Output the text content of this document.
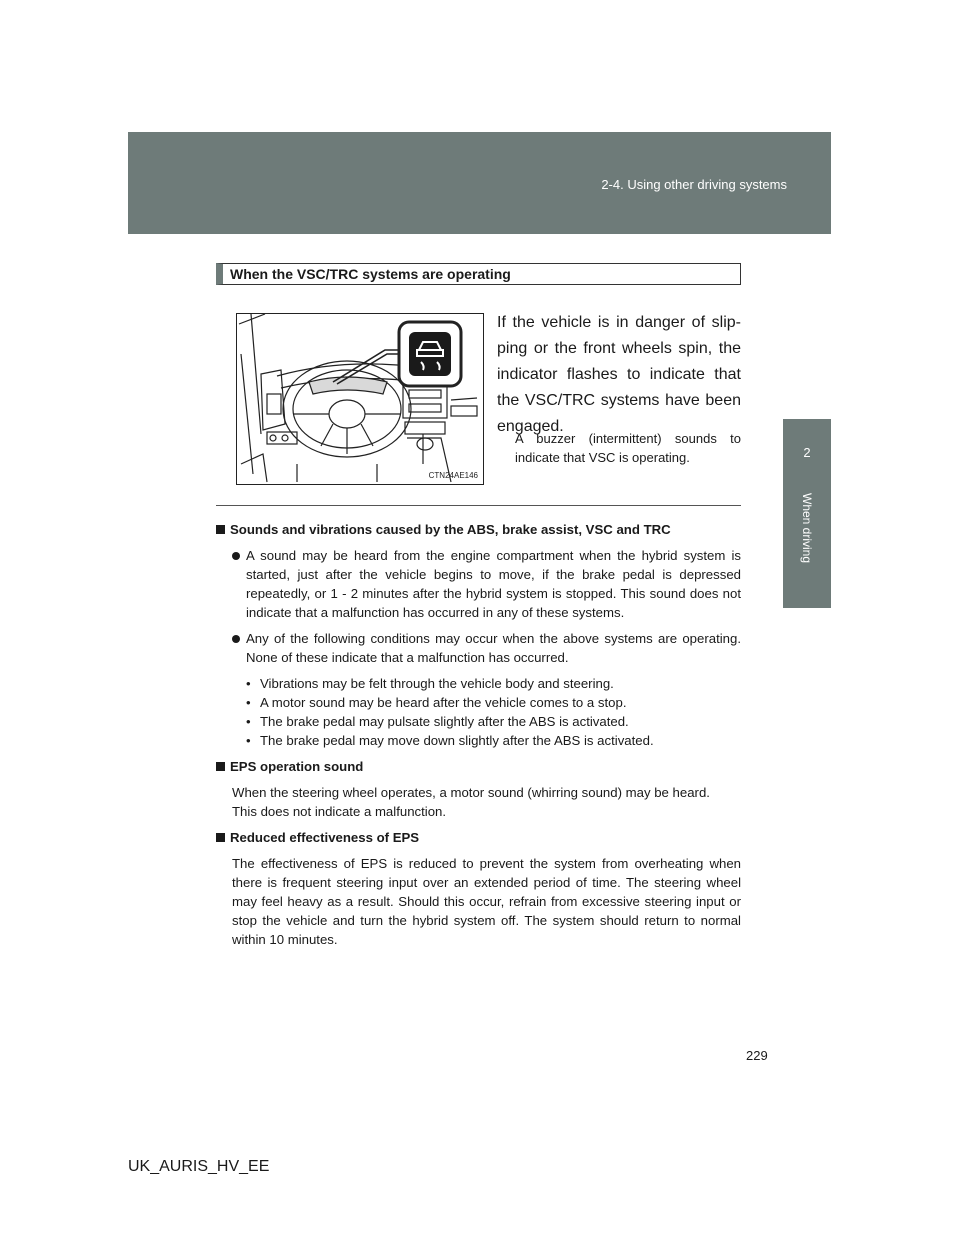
2-4. Using other driving systems
2
When driving
When the VSC/TRC systems are operating
CTN24AE146

If the vehicle is in danger of slip-ping or the front wheels spin, the indicator flashes to indicate that the VSC/TRC systems have been engaged.

A buzzer (intermittent) sounds to indicate that VSC is operating.

Sounds and vibrations caused by the ABS, brake assist, VSC and TRC
A sound may be heard from the engine compartment when the hybrid system is started, just after the vehicle begins to move, if the brake pedal is depressed repeatedly, or 1 - 2 minutes after the hybrid system is stopped. This sound does not indicate that a malfunction has occurred in any of these systems.
Any of the following conditions may occur when the above systems are operating. None of these indicate that a malfunction has occurred.
• Vibrations may be felt through the vehicle body and steering.
• A motor sound may be heard after the vehicle comes to a stop.
• The brake pedal may pulsate slightly after the ABS is activated.
• The brake pedal may move down slightly after the ABS is activated.
EPS operation sound
When the steering wheel operates, a motor sound (whirring sound) may be heard.
This does not indicate a malfunction.
Reduced effectiveness of EPS
The effectiveness of EPS is reduced to prevent the system from overheating when there is frequent steering input over an extended period of time. The steering wheel may feel heavy as a result. Should this occur, refrain from excessive steering input or stop the vehicle and turn the hybrid system off. The system should return to normal within 10 minutes.
229
UK_AURIS_HV_EE
